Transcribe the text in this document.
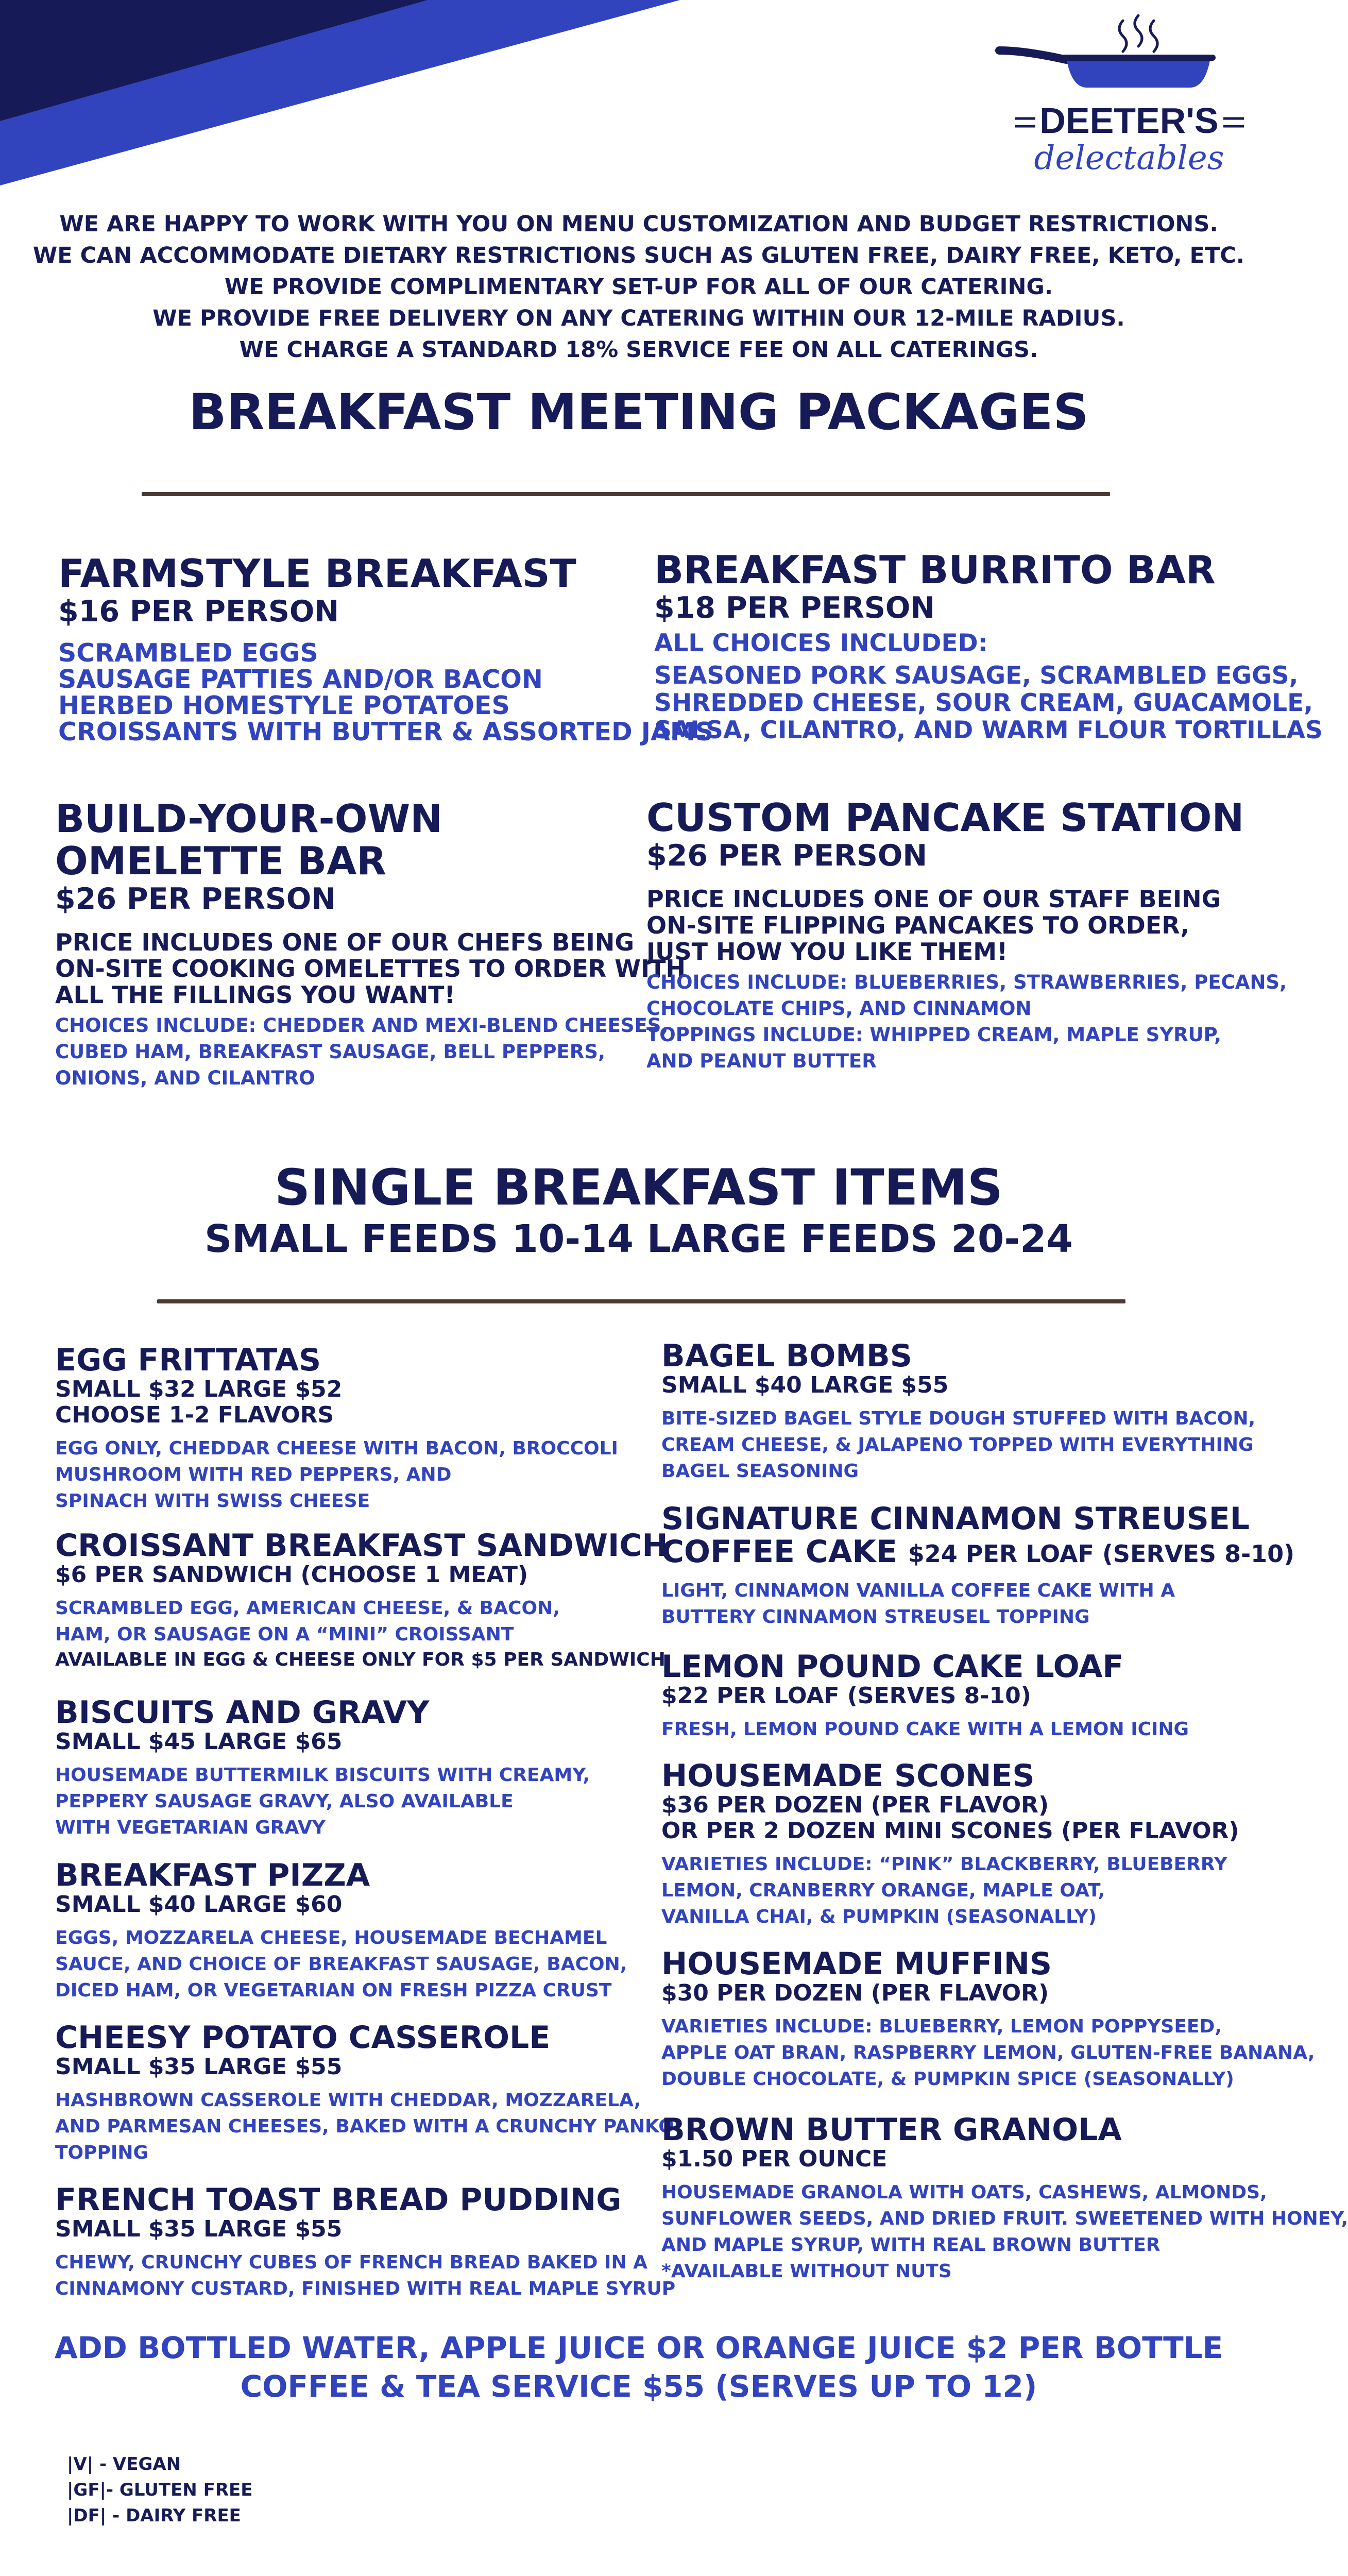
DEETER'S
delectables
WE ARE HAPPY TO WORK WITH YOU ON MENU CUSTOMIZATION AND BUDGET RESTRICTIONS.
WE CAN ACCOMMODATE DIETARY RESTRICTIONS SUCH AS GLUTEN FREE, DAIRY FREE, KETO, ETC.
WE PROVIDE COMPLIMENTARY SET-UP FOR ALL OF OUR CATERING.
WE PROVIDE FREE DELIVERY ON ANY CATERING WITHIN OUR 12-MILE RADIUS.
WE CHARGE A STANDARD 18% SERVICE FEE ON ALL CATERINGS.
BREAKFAST MEETING PACKAGES
FARMSTYLE BREAKFAST
$16 PER PERSON
SCRAMBLED EGGS
SAUSAGE PATTIES AND/OR BACON
HERBED HOMESTYLE POTATOES
CROISSANTS WITH BUTTER & ASSORTED JAMS
BREAKFAST BURRITO BAR
$18 PER PERSON
ALL CHOICES INCLUDED:
SEASONED PORK SAUSAGE, SCRAMBLED EGGS,
SHREDDED CHEESE, SOUR CREAM, GUACAMOLE,
SALSA, CILANTRO, AND WARM FLOUR TORTILLAS
BUILD-YOUR-OWN
OMELETTE BAR
$26 PER PERSON
PRICE INCLUDES ONE OF OUR CHEFS BEING
ON-SITE COOKING OMELETTES TO ORDER WITH
ALL THE FILLINGS YOU WANT!
CHOICES INCLUDE: CHEDDER AND MEXI-BLEND CHEESES,
CUBED HAM, BREAKFAST SAUSAGE, BELL PEPPERS,
ONIONS, AND CILANTRO
CUSTOM PANCAKE STATION
$26 PER PERSON
PRICE INCLUDES ONE OF OUR STAFF BEING
ON-SITE FLIPPING PANCAKES TO ORDER,
JUST HOW YOU LIKE THEM!
CHOICES INCLUDE: BLUEBERRIES, STRAWBERRIES, PECANS,
CHOCOLATE CHIPS, AND CINNAMON
TOPPINGS INCLUDE: WHIPPED CREAM, MAPLE SYRUP,
AND PEANUT BUTTER
SINGLE BREAKFAST ITEMS
SMALL FEEDS 10-14 LARGE FEEDS 20-24
EGG FRITTATAS
SMALL $32 LARGE $52
CHOOSE 1-2 FLAVORS
EGG ONLY, CHEDDAR CHEESE WITH BACON, BROCCOLI
MUSHROOM WITH RED PEPPERS, AND
SPINACH WITH SWISS CHEESE
CROISSANT BREAKFAST SANDWICH
$6 PER SANDWICH (CHOOSE 1 MEAT)
SCRAMBLED EGG, AMERICAN CHEESE, & BACON,
HAM, OR SAUSAGE ON A “MINI” CROISSANT
AVAILABLE IN EGG & CHEESE ONLY FOR $5 PER SANDWICH
BISCUITS AND GRAVY
SMALL $45 LARGE $65
HOUSEMADE BUTTERMILK BISCUITS WITH CREAMY,
PEPPERY SAUSAGE GRAVY, ALSO AVAILABLE
WITH VEGETARIAN GRAVY
BREAKFAST PIZZA
SMALL $40 LARGE $60
EGGS, MOZZARELA CHEESE, HOUSEMADE BECHAMEL
SAUCE, AND CHOICE OF BREAKFAST SAUSAGE, BACON,
DICED HAM, OR VEGETARIAN ON FRESH PIZZA CRUST
CHEESY POTATO CASSEROLE
SMALL $35 LARGE $55
HASHBROWN CASSEROLE WITH CHEDDAR, MOZZARELA,
AND PARMESAN CHEESES, BAKED WITH A CRUNCHY PANKO
TOPPING
FRENCH TOAST BREAD PUDDING
SMALL $35 LARGE $55
CHEWY, CRUNCHY CUBES OF FRENCH BREAD BAKED IN A
CINNAMONY CUSTARD, FINISHED WITH REAL MAPLE SYRUP
BAGEL BOMBS
SMALL $40 LARGE $55
BITE-SIZED BAGEL STYLE DOUGH STUFFED WITH BACON,
CREAM CHEESE, & JALAPENO TOPPED WITH EVERYTHING
BAGEL SEASONING
SIGNATURE CINNAMON STREUSEL
COFFEE CAKE $24 PER LOAF (SERVES 8-10)
LIGHT, CINNAMON VANILLA COFFEE CAKE WITH A
BUTTERY CINNAMON STREUSEL TOPPING
LEMON POUND CAKE LOAF
$22 PER LOAF (SERVES 8-10)
FRESH, LEMON POUND CAKE WITH A LEMON ICING
HOUSEMADE SCONES
$36 PER DOZEN (PER FLAVOR)
OR PER 2 DOZEN MINI SCONES (PER FLAVOR)
VARIETIES INCLUDE: “PINK” BLACKBERRY, BLUEBERRY
LEMON, CRANBERRY ORANGE, MAPLE OAT,
VANILLA CHAI, & PUMPKIN (SEASONALLY)
HOUSEMADE MUFFINS
$30 PER DOZEN (PER FLAVOR)
VARIETIES INCLUDE: BLUEBERRY, LEMON POPPYSEED,
APPLE OAT BRAN, RASPBERRY LEMON, GLUTEN-FREE BANANA,
DOUBLE CHOCOLATE, & PUMPKIN SPICE (SEASONALLY)
BROWN BUTTER GRANOLA
$1.50 PER OUNCE
HOUSEMADE GRANOLA WITH OATS, CASHEWS, ALMONDS,
SUNFLOWER SEEDS, AND DRIED FRUIT. SWEETENED WITH HONEY,
AND MAPLE SYRUP, WITH REAL BROWN BUTTER
*AVAILABLE WITHOUT NUTS
ADD BOTTLED WATER, APPLE JUICE OR ORANGE JUICE $2 PER BOTTLE
COFFEE & TEA SERVICE $55 (SERVES UP TO 12)
|V| - VEGAN
|GF|- GLUTEN FREE
|DF| - DAIRY FREE
